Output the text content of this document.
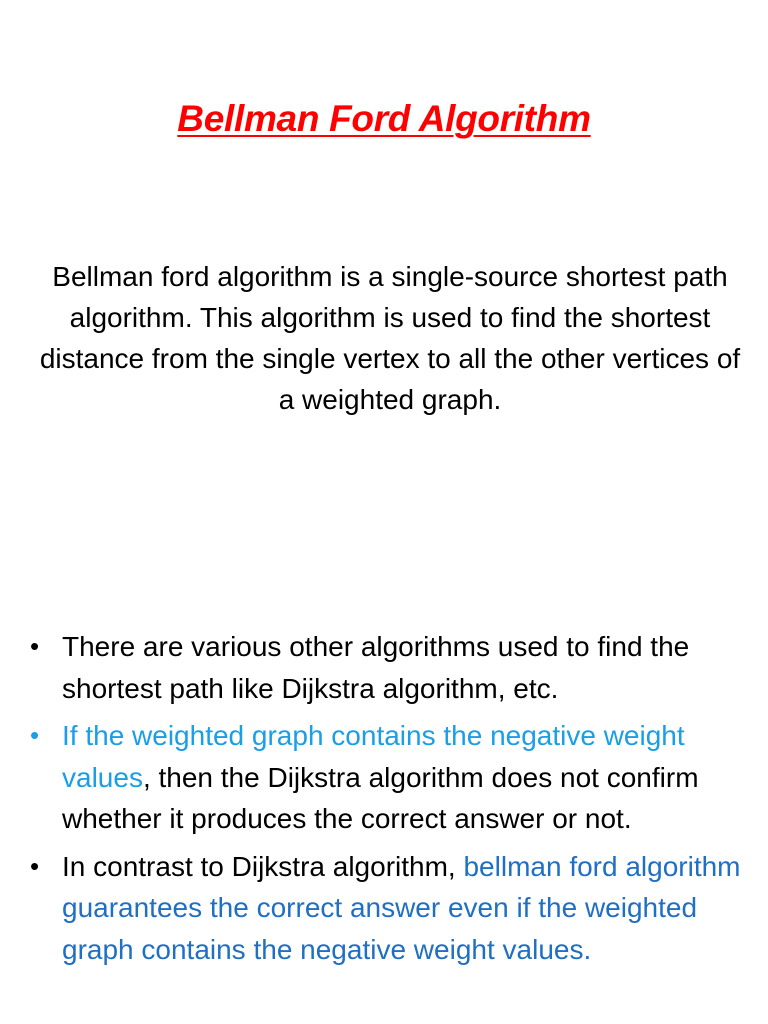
Bellman Ford Algorithm
Bellman ford algorithm is a single-source shortest path algorithm. This algorithm is used to find the shortest distance from the single vertex to all the other vertices of a weighted graph.
• There are various other algorithms used to find the shortest path like Dijkstra algorithm, etc.
• If the weighted graph contains the negative weight values, then the Dijkstra algorithm does not confirm whether it produces the correct answer or not.
• In contrast to Dijkstra algorithm, bellman ford algorithm guarantees the correct answer even if the weighted graph contains the negative weight values.
